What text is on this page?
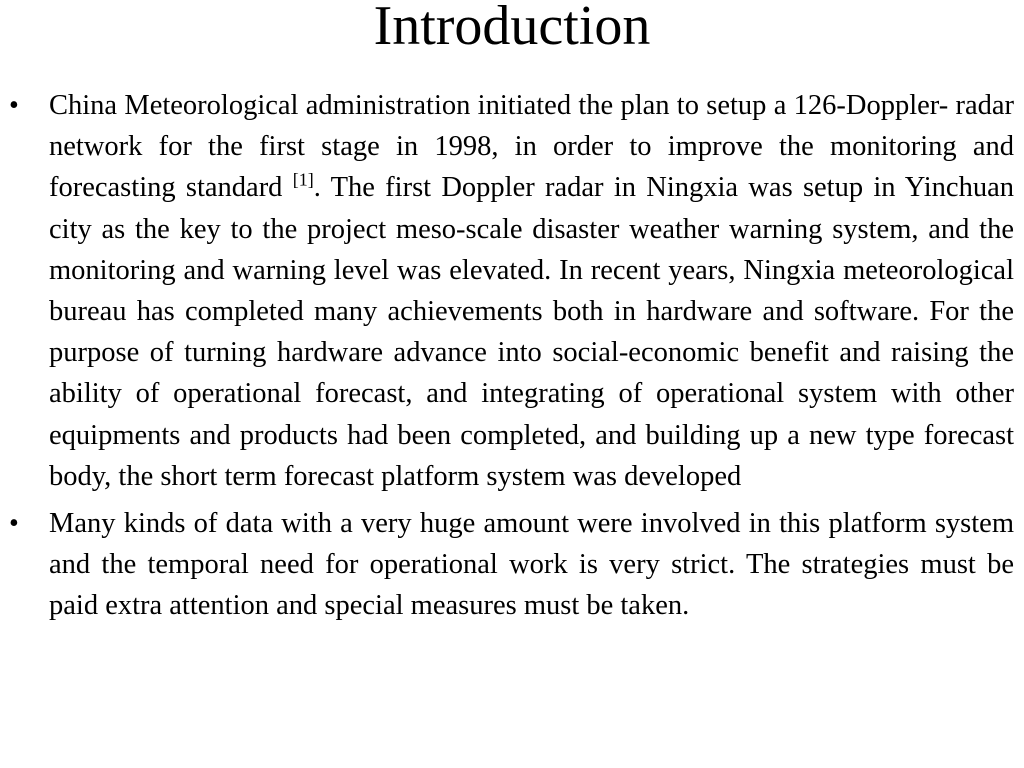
Introduction
• China Meteorological administration initiated the plan to setup a 126-Doppler- radar network for the first stage in 1998, in order to improve the monitoring and forecasting standard [1]. The first Doppler radar in Ningxia was setup in Yinchuan city as the key to the project meso-scale disaster weather warning system, and the monitoring and warning level was elevated. In recent years, Ningxia meteorological bureau has completed many achievements both in hardware and software. For the purpose of turning hardware advance into social-economic benefit and raising the ability of operational forecast, and integrating of operational system with other equipments and products had been completed, and building up a new type forecast body, the short term forecast platform system was developed
• Many kinds of data with a very huge amount were involved in this platform system and the temporal need for operational work is very strict. The strategies must be paid extra attention and special measures must be taken.
